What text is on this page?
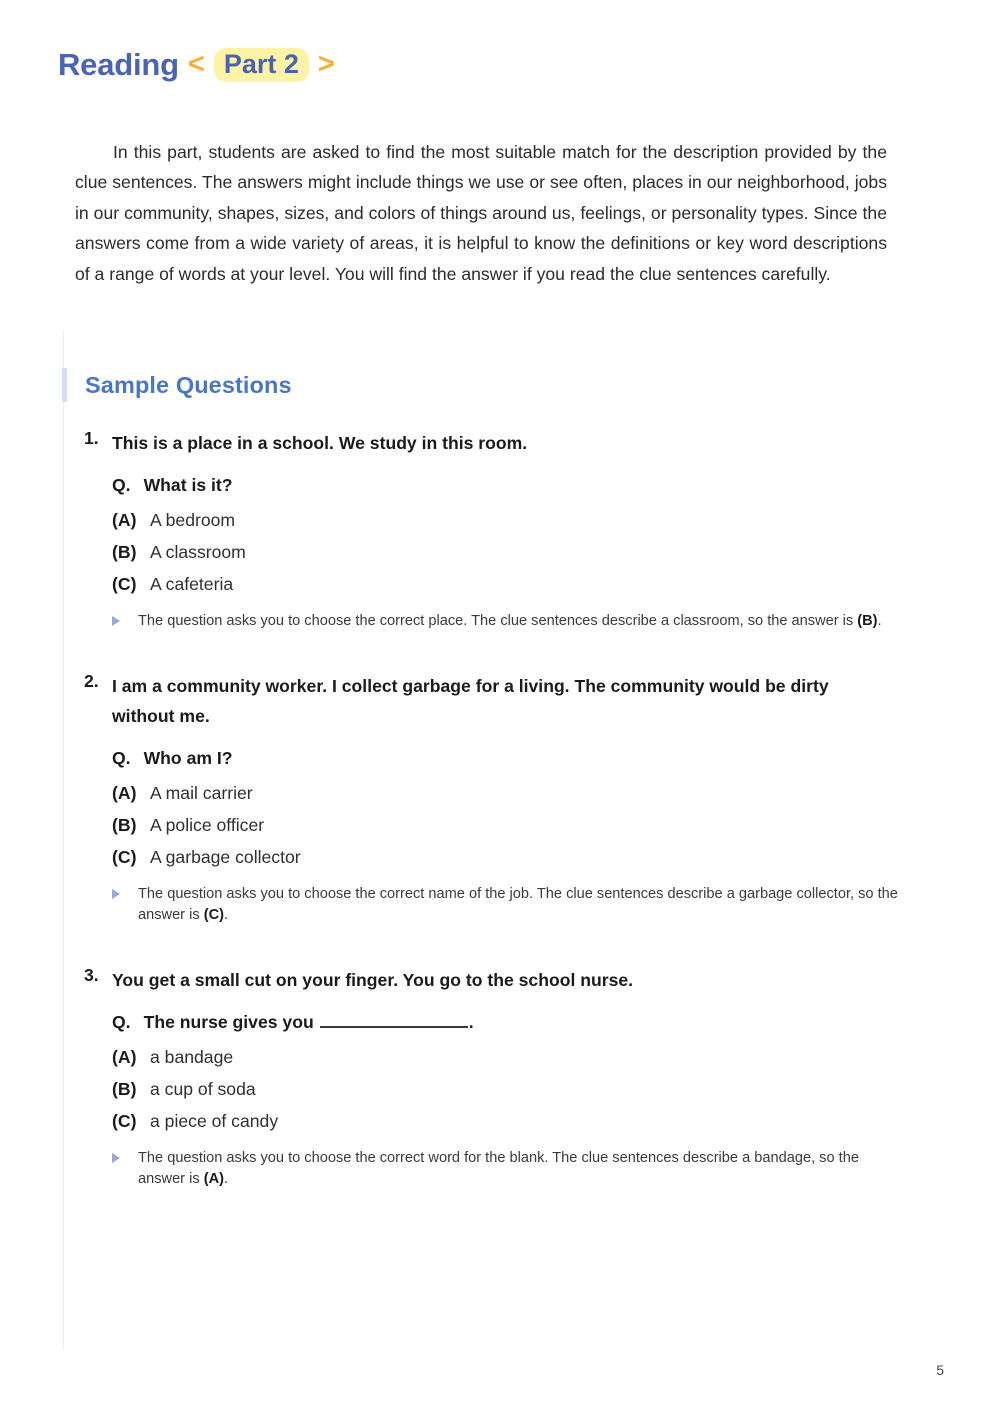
Reading < Part 2 >

In this part, students are asked to find the most suitable match for the description provided by the clue sentences. The answers might include things we use or see often, places in our neighborhood, jobs in our community, shapes, sizes, and colors of things around us, feelings, or personality types. Since the answers come from a wide variety of areas, it is helpful to know the definitions or key word descriptions of a range of words at your level. You will find the answer if you read the clue sentences carefully.

Sample Questions
1. This is a place in a school. We study in this room.
Q. What is it?
(A) A bedroom
(B) A classroom
(C) A cafeteria
The question asks you to choose the correct place. The clue sentences describe a classroom, so the answer is (B).
2. I am a community worker. I collect garbage for a living. The community would be dirty without me.
Q. Who am I?
(A) A mail carrier
(B) A police officer
(C) A garbage collector
The question asks you to choose the correct name of the job. The clue sentences describe a garbage collector, so the answer is (C).
3. You get a small cut on your finger. You go to the school nurse.
Q. The nurse gives you	.
(A) a bandage
(B) a cup of soda
(C) a piece of candy
The question asks you to choose the correct word for the blank. The clue sentences describe a bandage, so the answer is (A).
5
